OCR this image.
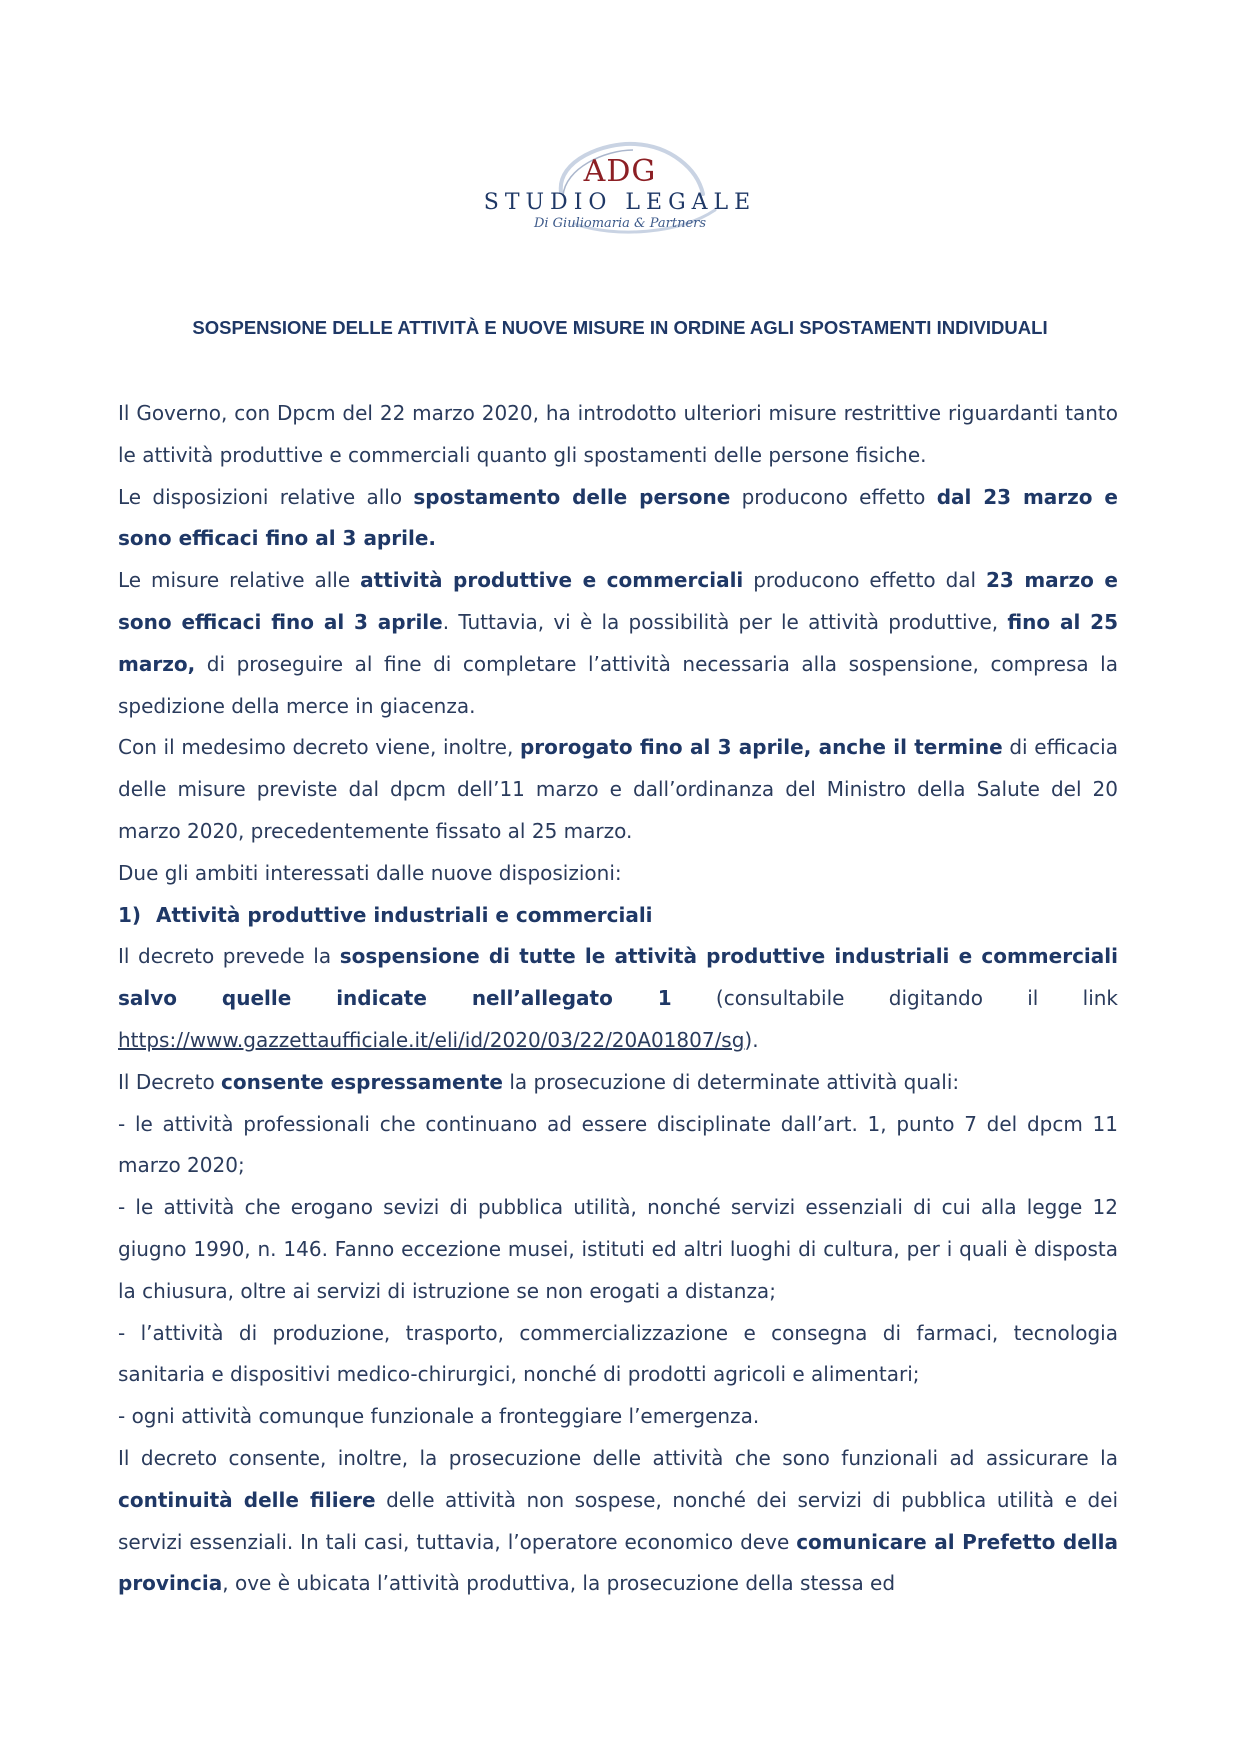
ADG
STUDIO LEGALE
Di Giuliomaria & Partners
SOSPENSIONE DELLE ATTIVITÀ E NUOVE MISURE IN ORDINE AGLI SPOSTAMENTI INDIVIDUALI

Il Governo, con Dpcm del 22 marzo 2020, ha introdotto ulteriori misure restrittive riguardanti tanto le attività produttive e commerciali quanto gli spostamenti delle persone fisiche.

Le disposizioni relative allo spostamento delle persone producono effetto dal 23 marzo e sono efficaci fino al 3 aprile.

Le misure relative alle attività produttive e commerciali producono effetto dal 23 marzo e sono efficaci fino al 3 aprile. Tuttavia, vi è la possibilità per le attività produttive, fino al 25 marzo, di proseguire al fine di completare l’attività necessaria alla sospensione, compresa la spedizione della merce in giacenza.

Con il medesimo decreto viene, inoltre, prorogato fino al 3 aprile, anche il termine di efficacia delle misure previste dal dpcm dell’11 marzo e dall’ordinanza del Ministro della Salute del 20 marzo 2020, precedentemente fissato al 25 marzo.

Due gli ambiti interessati dalle nuove disposizioni:

1) Attività produttive industriali e commerciali

Il decreto prevede la sospensione di tutte le attività produttive industriali e commerciali salvo quelle indicate nell’allegato 1 (consultabile digitando il link https://www.gazzettaufficiale.it/eli/id/2020/03/22/20A01807/sg).

Il Decreto consente espressamente la prosecuzione di determinate attività quali:

- le attività professionali che continuano ad essere disciplinate dall’art. 1, punto 7 del dpcm 11 marzo 2020;

- le attività che erogano sevizi di pubblica utilità, nonché servizi essenziali di cui alla legge 12 giugno 1990, n. 146. Fanno eccezione musei, istituti ed altri luoghi di cultura, per i quali è disposta la chiusura, oltre ai servizi di istruzione se non erogati a distanza;

- l’attività di produzione, trasporto, commercializzazione e consegna di farmaci, tecnologia sanitaria e dispositivi medico-chirurgici, nonché di prodotti agricoli e alimentari;

- ogni attività comunque funzionale a fronteggiare l’emergenza.

Il decreto consente, inoltre, la prosecuzione delle attività che sono funzionali ad assicurare la continuità delle filiere delle attività non sospese, nonché dei servizi di pubblica utilità e dei servizi essenziali. In tali casi, tuttavia, l’operatore economico deve comunicare al Prefetto della provincia, ove è ubicata l’attività produttiva, la prosecuzione della stessa ed
